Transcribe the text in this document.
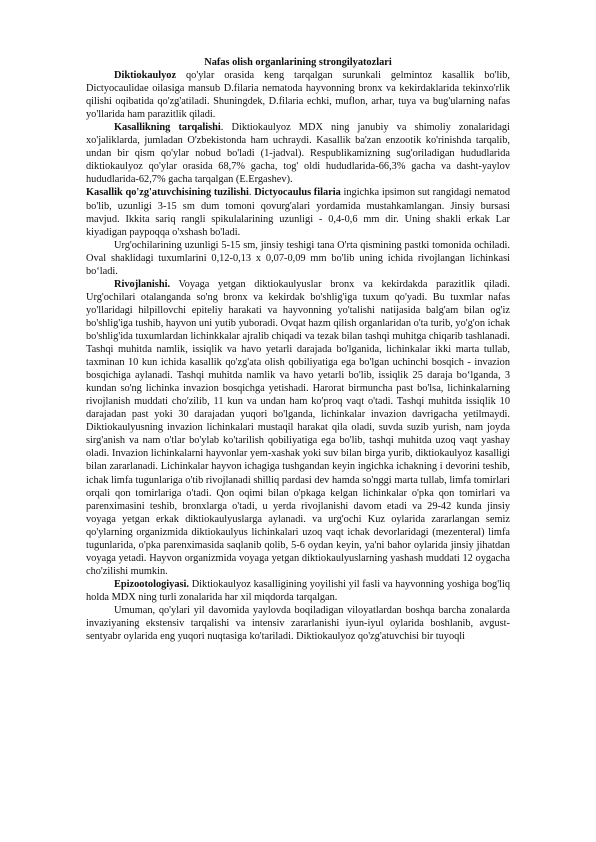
Nafas olish organlarining strongilyatozlari

Diktiokaulyoz qo'ylar orasida keng tarqalgan surunkali gelmintoz kasallik bo'lib, Dictyocaulidae oilasiga mansub D.filaria nematoda hayvonning bronx va kekirdaklarida tekinxo'rlik qilishi oqibatida qo'zg'atiladi. Shuningdek, D.filaria echki, muflon, arhar, tuya va bug'ularning nafas yo'llarida ham parazitlik qiladi.

Kasallikning tarqalishi. Diktiokaulyoz MDX ning janubiy va shimoliy zonalaridagi xo'jaliklarda, jumladan O'zbekistonda ham uchraydi. Kasallik ba'zan enzootik ko'rinishda tarqalib, undan bir qism qo'ylar nobud bo'ladi (1-jadval). Respublikamizning sug'oriladigan hududlarida diktiokaulyoz qo'ylar orasida 68,7% gacha, tog' oldi hududlarida-66,3% gacha va dasht-yaylov hududlarida-62,7% gacha tarqalgan (E.Ergashev).

Kasallik qo'zg'atuvchisining tuzilishi. Dictyocaulus filaria ingichka ipsimon sut rangidagi nematod bo'lib, uzunligi 3-15 sm dum tomoni qovurg'alari yordamida mustahkamlangan. Jinsiy bursasi mavjud. Ikkita sariq rangli spikulalarining uzunligi - 0,4-0,6 mm dir. Uning shakli erkak Lar kiyadigan paypoqqa o'xshash bo'ladi.

Urg'ochilarining uzunligi 5-15 sm, jinsiy teshigi tana O'rta qismining pastki tomonida ochiladi. Oval shaklidagi tuxumlarini 0,12-0,13 x 0,07-0,09 mm bo'lib uning ichida rivojlangan lichinkasi bo‘ladi.

Rivojlanishi. Voyaga yetgan diktiokaulyuslar bronx va kekirdakda parazitlik qiladi. Urg'ochilari otalanganda so'ng bronx va kekirdak bo'shlig'iga tuxum qo'yadi. Bu tuxmlar nafas yo'llaridagi hilpillovchi epiteliy harakati va hayvonning yo'talishi natijasida balg'am bilan og'iz bo'shlig'iga tushib, hayvon uni yutib yuboradi. Ovqat hazm qilish organlaridan o'ta turib, yo'g'on ichak bo'shlig'ida tuxumlardan lichinkkalar ajralib chiqadi va tezak bilan tashqi muhitga chiqarib tashlanadi. Tashqi muhitda namlik, issiqlik va havo yetarli darajada bo'lganida, lichinkalar ikki marta tullab, taxminan 10 kun ichida kasallik qo'zg'ata olish qobiliyatiga ega bo'lgan uchinchi bosqich - invazion bosqichiga aylanadi. Tashqi muhitda namlik va havo yetarli bo'lib, issiqlik 25 daraja bo‘lganda, 3 kundan so'ng lichinka invazion bosqichga yetishadi. Harorat birmuncha past bo'lsa, lichinkalarning rivojlanish muddati cho'zilib, 11 kun va undan ham ko'proq vaqt o'tadi. Tashqi muhitda issiqlik 10 darajadan past yoki 30 darajadan yuqori bo'lganda, lichinkalar invazion davrigacha yetilmaydi. Diktiokaulyusning invazion lichinkalari mustaqil harakat qila oladi, suvda suzib yurish, nam joyda sirg'anish va nam o'tlar bo'ylab ko'tarilish qobiliyatiga ega bo'lib, tashqi muhitda uzoq vaqt yashay oladi. Invazion lichinkalarni hayvonlar yem-xashak yoki suv bilan birga yurib, diktiokaulyoz kasalligi bilan zararlanadi. Lichinkalar hayvon ichagiga tushgandan keyin ingichka ichakning i devorini teshib, ichak limfa tugunlariga o'tib rivojlanadi shilliq pardasi dev hamda so'nggi marta tullab, limfa tomirlari orqali qon tomirlariga o'tadi. Qon oqimi bilan o'pkaga kelgan lichinkalar o'pka qon tomirlari va parenximasini teshib, bronxlarga o'tadi, u yerda rivojlanishi davom etadi va 29-42 kunda jinsiy voyaga yetgan erkak diktiokaulyuslarga aylanadi. va urg'ochi Kuz oylarida zararlangan semiz qo'ylarning organizmida diktiokaulyus lichinkalari uzoq vaqt ichak devorlaridagi (mezenteral) limfa tugunlarida, o'pka parenximasida saqlanib qolib, 5-6 oydan keyin, ya'ni bahor oylarida jinsiy jihatdan voyaga yetadi. Hayvon organizmida voyaga yetgan diktiokaulyuslarning yashash muddati 12 oygacha cho'zilishi mumkin.

Epizootologiyasi. Diktiokaulyoz kasalligining yoyilishi yil fasli va hayvonning yoshiga bog'liq holda MDX ning turli zonalarida har xil miqdorda tarqalgan.

Umuman, qo'ylari yil davomida yaylovda boqiladigan viloyatlardan boshqa barcha zonalarda invaziyaning ekstensiv tarqalishi va intensiv zararlanishi iyun-iyul oylarida boshlanib, avgust-sentyabr oylarida eng yuqori nuqtasiga ko'tariladi. Diktiokaulyoz qo'zg'atuvchisi bir tuyoqli
